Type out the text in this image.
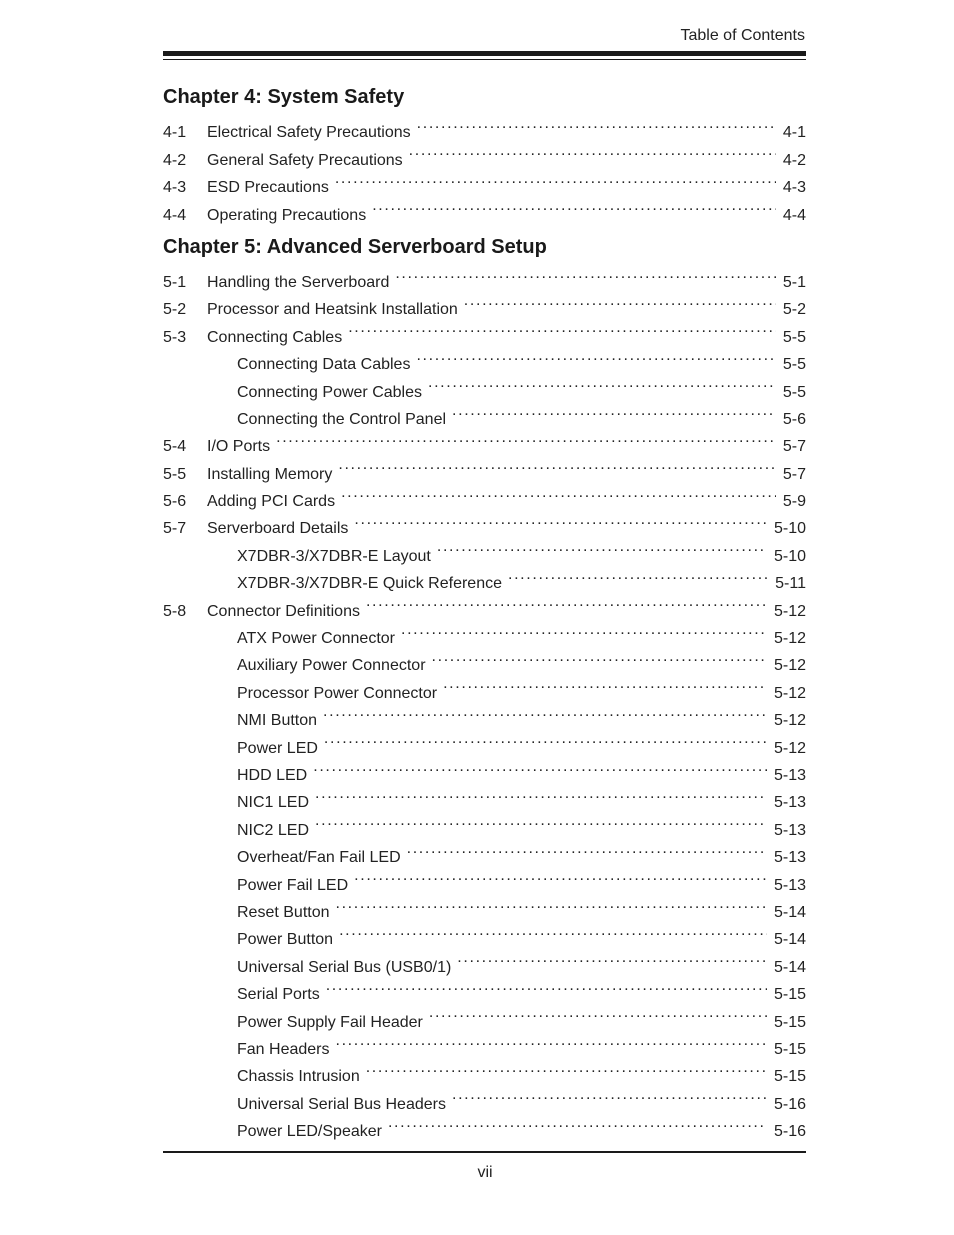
Table of Contents
Chapter 4: System Safety
4-1	Electrical Safety Precautions . . .	4-1
4-2	General Safety Precautions . . .	4-2
4-3	ESD Precautions . . .	4-3
4-4	Operating Precautions . . .	4-4
Chapter 5: Advanced Serverboard Setup
5-1	Handling the Serverboard . . .	5-1
5-2	Processor and Heatsink Installation . . .	5-2
5-3	Connecting Cables . . .	5-5
Connecting Data Cables . . .	5-5
Connecting Power Cables . . .	5-5
Connecting the Control Panel . . .	5-6
5-4	I/O Ports . . .	5-7
5-5	Installing Memory . . .	5-7
5-6	Adding PCI Cards . . .	5-9
5-7	Serverboard Details . . .	5-10
X7DBR-3/X7DBR-E Layout . . .	5-10
X7DBR-3/X7DBR-E Quick Reference . . .	5-11
5-8	Connector Definitions . . .	5-12
ATX Power Connector . . .	5-12
Auxiliary Power Connector . . .	5-12
Processor Power Connector . . .	5-12
NMI Button . . .	5-12
Power LED . . .	5-12
HDD LED . . .	5-13
NIC1 LED . . .	5-13
NIC2 LED . . .	5-13
Overheat/Fan Fail LED . . .	5-13
Power Fail LED . . .	5-13
Reset Button . . .	5-14
Power Button . . .	5-14
Universal Serial Bus (USB0/1) . . .	5-14
Serial Ports . . .	5-15
Power Supply Fail Header . . .	5-15
Fan Headers . . .	5-15
Chassis Intrusion . . .	5-15
Universal Serial Bus Headers . . .	5-16
Power LED/Speaker . . .	5-16
vii
